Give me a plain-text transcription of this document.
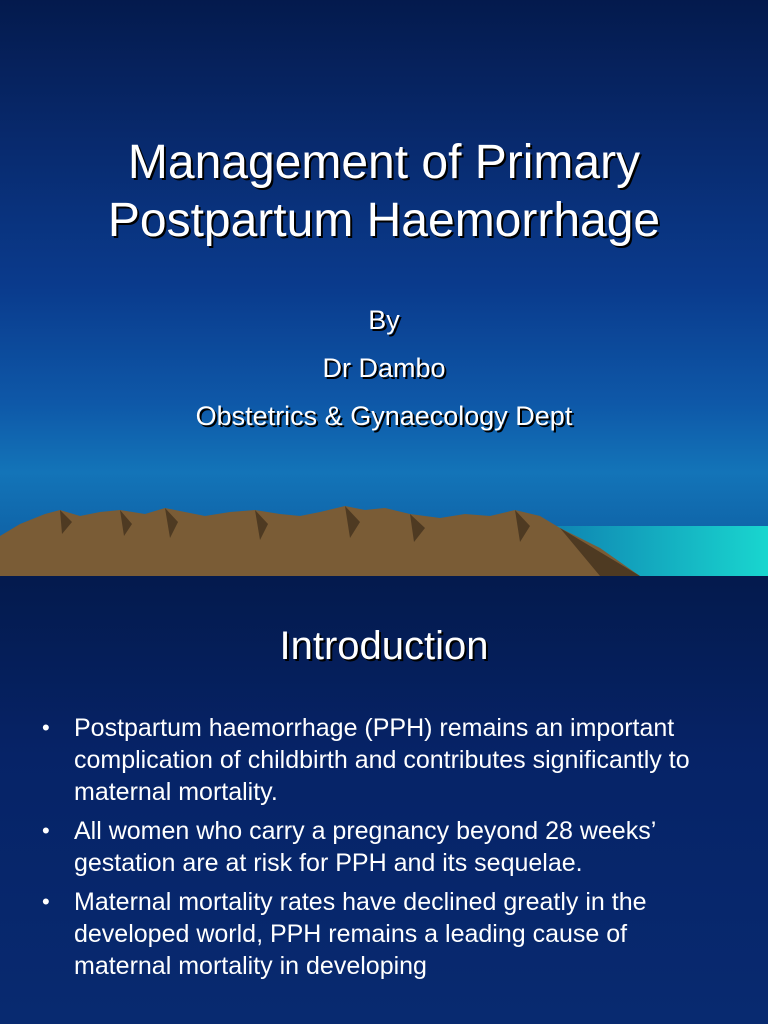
Management of Primary
Postpartum Haemorrhage
By
Dr Dambo
Obstetrics & Gynaecology Dept
Introduction
• Postpartum haemorrhage (PPH) remains an important complication of childbirth and contributes significantly to maternal mortality.
• All women who carry a pregnancy beyond 28 weeks’ gestation are at risk for PPH and its sequelae.
• Maternal mortality rates have declined greatly in the developed world, PPH remains a leading cause of maternal mortality in developing
